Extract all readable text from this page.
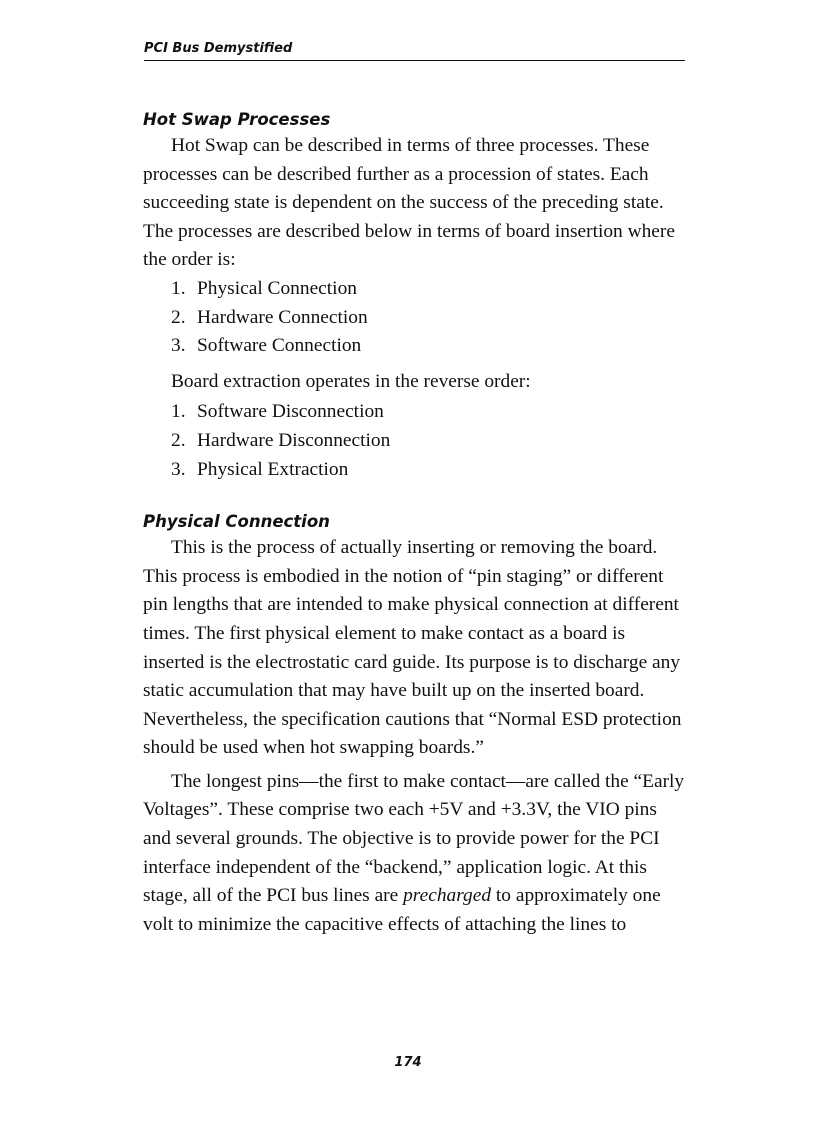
PCI Bus Demystified
Hot Swap Processes

Hot Swap can be described in terms of three processes. These processes can be described further as a procession of states. Each succeeding state is dependent on the success of the preceding state. The processes are described below in terms of board insertion where the order is:

1. Physical Connection
2. Hardware Connection
3. Software Connection

Board extraction operates in the reverse order:

1. Software Disconnection
2. Hardware Disconnection
3. Physical Extraction
Physical Connection

This is the process of actually inserting or removing the board. This process is embodied in the notion of “pin staging” or different pin lengths that are intended to make physical connection at different times. The first physical element to make contact as a board is inserted is the electrostatic card guide. Its purpose is to discharge any static accumulation that may have built up on the inserted board. Nevertheless, the specification cautions that “Normal ESD protection should be used when hot swapping boards.”

The longest pins—the first to make contact—are called the “Early Voltages”. These comprise two each +5V and +3.3V, the VIO pins and several grounds. The objective is to provide power for the PCI interface independent of the “backend,” application logic. At this stage, all of the PCI bus lines are precharged to approximately one volt to minimize the capacitive effects of attaching the lines to

174
